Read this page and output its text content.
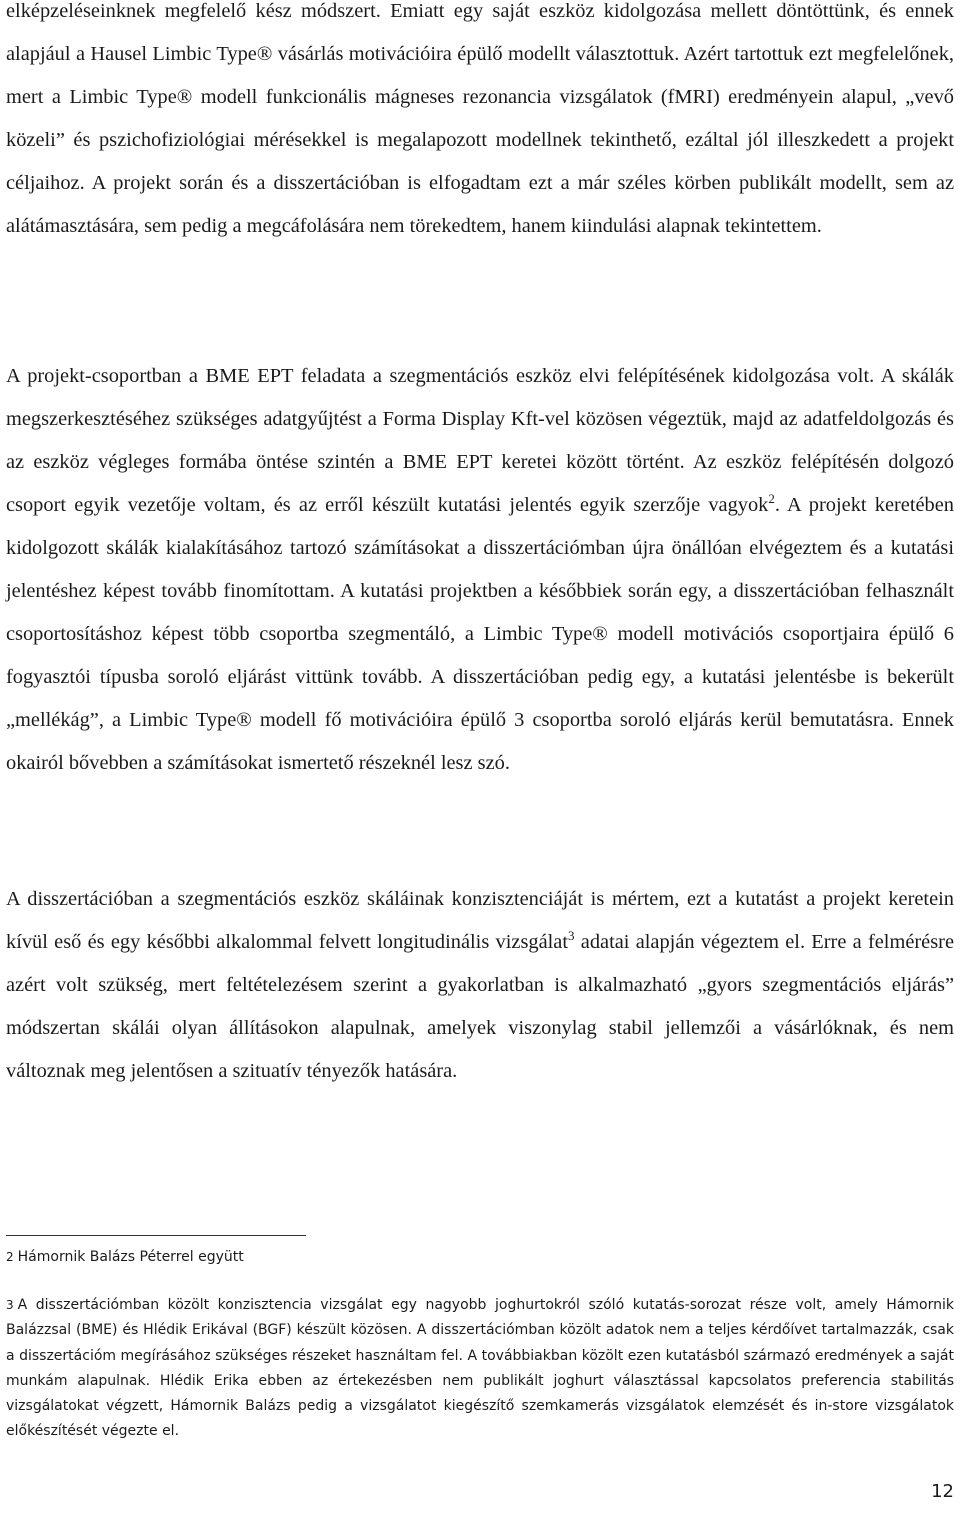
elképzeléseinknek megfelelő kész módszert. Emiatt egy saját eszköz kidolgozása mellett döntöttünk, és ennek alapjául a Hausel Limbic Type® vásárlás motivációira épülő modellt választottuk. Azért tartottuk ezt megfelelőnek, mert a Limbic Type® modell funkcionális mágneses rezonancia vizsgálatok (fMRI) eredményein alapul, „vevő közeli” és pszichofiziológiai mérésekkel is megalapozott modellnek tekinthető, ezáltal jól illeszkedett a projekt céljaihoz. A projekt során és a disszertációban is elfogadtam ezt a már széles körben publikált modellt, sem az alátámasztására, sem pedig a megcáfolására nem törekedtem, hanem kiindulási alapnak tekintettem.

A projekt-csoportban a BME EPT feladata a szegmentációs eszköz elvi felépítésének kidolgozása volt. A skálák megszerkesztéséhez szükséges adatgyűjtést a Forma Display Kft-vel közösen végeztük, majd az adatfeldolgozás és az eszköz végleges formába öntése szintén a BME EPT keretei között történt. Az eszköz felépítésén dolgozó csoport egyik vezetője voltam, és az erről készült kutatási jelentés egyik szerzője vagyok$^2$. A projekt keretében kidolgozott skálák kialakításához tartozó számításokat a disszertációmban újra önállóan elvégeztem és a kutatási jelentéshez képest tovább finomítottam. A kutatási projektben a későbbiek során egy, a disszertációban felhasznált csoportosításhoz képest több csoportba szegmentáló, a Limbic Type® modell motivációs csoportjaira épülő 6 fogyasztói típusba soroló eljárást vittünk tovább. A disszertációban pedig egy, a kutatási jelentésbe is bekerült „mellékág”, a Limbic Type® modell fő motivációira épülő 3 csoportba soroló eljárás kerül bemutatásra. Ennek okairól bővebben a számításokat ismertető részeknél lesz szó.

A disszertációban a szegmentációs eszköz skáláinak konzisztenciáját is mértem, ezt a kutatást a projekt keretein kívül eső és egy későbbi alkalommal felvett longitudinális vizsgálat$^3$ adatai alapján végeztem el. Erre a felmérésre azért volt szükség, mert feltételezésem szerint a gyakorlatban is alkalmazható „gyors szegmentációs eljárás” módszertan skálái olyan állításokon alapulnak, amelyek viszonylag stabil jellemzői a vásárlóknak, és nem változnak meg jelentősen a szituatív tényezők hatására.

2 Hámornik Balázs Péterrel együtt

3 A disszertációmban közölt konzisztencia vizsgálat egy nagyobb joghurtokról szóló kutatás-sorozat része volt, amely Hámornik Balázzsal (BME) és Hlédik Erikával (BGF) készült közösen. A disszertációmban közölt adatok nem a teljes kérdőívet tartalmazzák, csak a disszertációm megírásához szükséges részeket használtam fel. A továbbiakban közölt ezen kutatásból származó eredmények a saját munkám alapulnak. Hlédik Erika ebben az értekezésben nem publikált joghurt választással kapcsolatos preferencia stabilitás vizsgálatokat végzett, Hámornik Balázs pedig a vizsgálatot kiegészítő szemkamerás vizsgálatok elemzését és in-store vizsgálatok előkészítését végezte el.

12
